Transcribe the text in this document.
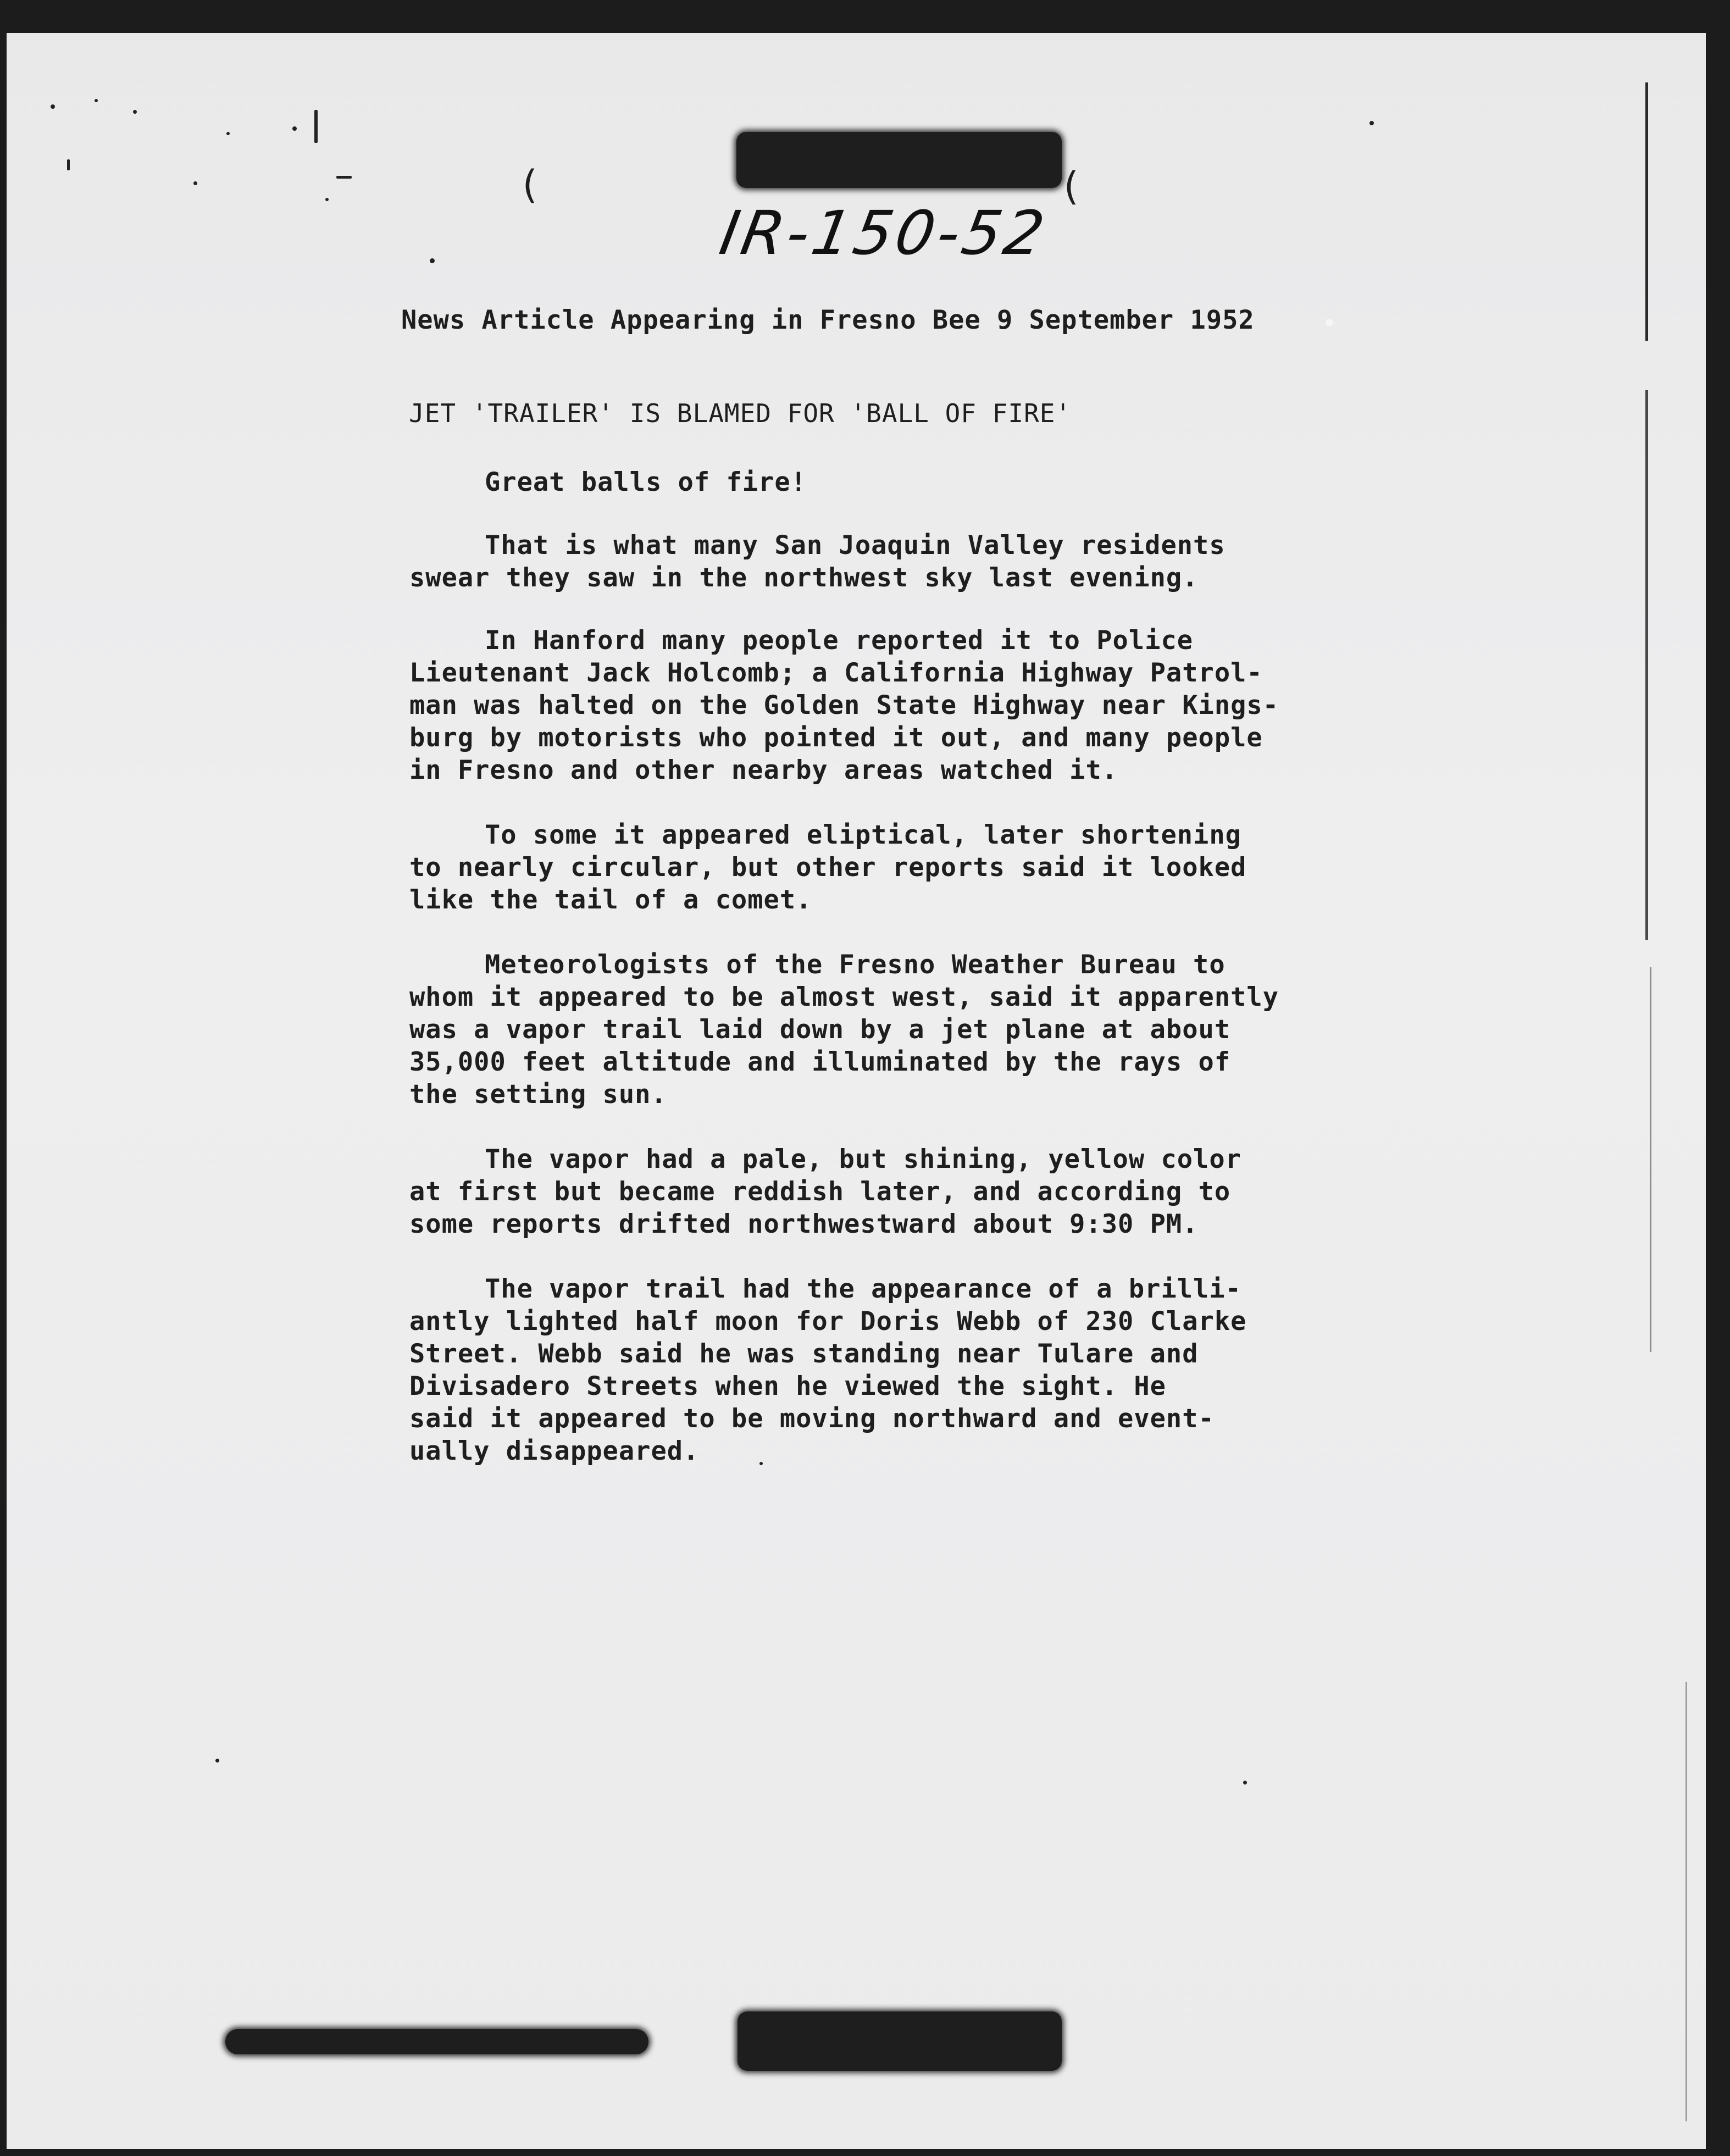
(	(
IR-150-52
News Article Appearing in Fresno Bee 9 September 1952
JET 'TRAILER' IS BLAMED FOR 'BALL OF FIRE'
Great balls of fire!
That is what many San Joaquin Valley residents
swear they saw in the northwest sky last evening.
In Hanford many people reported it to Police
Lieutenant Jack Holcomb; a California Highway Patrol-
man was halted on the Golden State Highway near Kings-
burg by motorists who pointed it out, and many people
in Fresno and other nearby areas watched it.
To some it appeared eliptical, later shortening
to nearly circular, but other reports said it looked
like the tail of a comet.
Meteorologists of the Fresno Weather Bureau to
whom it appeared to be almost west, said it apparently
was a vapor trail laid down by a jet plane at about
35,000 feet altitude and illuminated by the rays of
the setting sun.
The vapor had a pale, but shining, yellow color
at first but became reddish later, and according to
some reports drifted northwestward about 9:30 PM.
The vapor trail had the appearance of a brilli-
antly lighted half moon for Doris Webb of 230 Clarke
Street. Webb said he was standing near Tulare and
Divisadero Streets when he viewed the sight. He
said it appeared to be moving northward and event-
ually disappeared.
